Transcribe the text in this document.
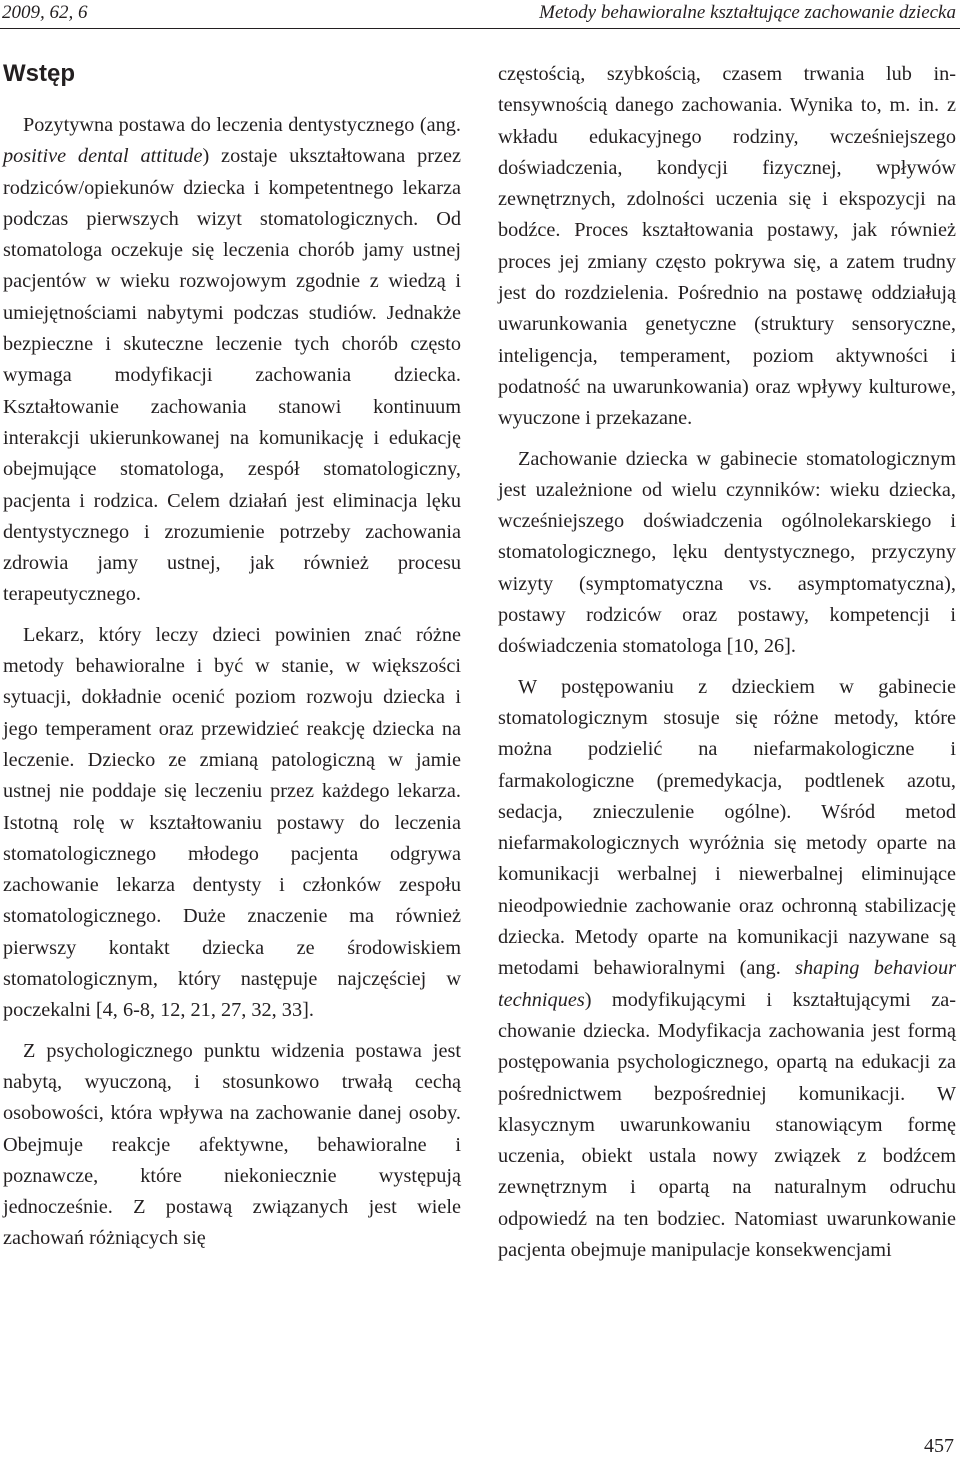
2009, 62, 6	Metody behawioralne kształtujące zachowanie dziecka
Wstęp

Pozytywna postawa do leczenia dentystycznego (ang. positive dental attitude) zostaje ukształtowana przez rodziców/opiekunów dziecka i kompetentnego lekarza podczas pierwszych wizyt stomatologicznych. Od stomatologa oczekuje się leczenia chorób jamy ustnej pacjentów w wieku rozwojowym zgodnie z wiedzą i umiejętnościami nabytymi podczas studiów. Jednakże bezpieczne i skuteczne leczenie tych chorób często wymaga modyfikacji zachowania dziecka. Kształtowanie zachowania stanowi kontinuum interakcji ukierunkowanej na komunikację i edukację obejmujące stomatologa, zespół stomatologiczny, pacjenta i rodzica. Celem działań jest eliminacja lęku dentystycznego i zrozumienie potrzeby zachowania zdrowia jamy ustnej, jak również procesu terapeutycznego.

Lekarz, który leczy dzieci powinien znać różne metody behawioralne i być w stanie, w większości sytuacji, dokładnie ocenić poziom rozwoju dziecka i jego temperament oraz przewidzieć reakcję dziecka na leczenie. Dziecko ze zmianą patologiczną w jamie ustnej nie poddaje się leczeniu przez każdego lekarza. Istotną rolę w kształtowaniu postawy do leczenia stomatologicznego młodego pacjenta odgrywa zachowanie lekarza dentysty i członków zespołu stomatologicznego. Duże znaczenie ma również pierwszy kontakt dziecka ze środowiskiem stomatologicznym, który następuje najczęściej w poczekalni [4, 6-8, 12, 21, 27, 32, 33].

Z psychologicznego punktu widzenia postawa jest nabytą, wyuczoną, i stosunkowo trwałą cechą osobowości, która wpływa na zachowanie danej osoby. Obejmuje reakcje afektywne, behawioralne i poznawcze, które niekoniecznie występują jednocześnie. Z postawą związanych jest wiele zachowań różniących się

częstością, szybkością, czasem trwania lub intensywnością danego zachowania. Wynika to, m. in. z wkładu edukacyjnego rodziny, wcześniejszego doświadczenia, kondycji fizycznej, wpływów zewnętrznych, zdolności uczenia się i ekspozycji na bodźce. Proces kształtowania postawy, jak również proces jej zmiany często pokrywa się, a zatem trudny jest do rozdzielenia. Pośrednio na postawę oddziałują uwarunkowania genetyczne (struktury sensoryczne, inteligencja, temperament, poziom aktywności i podatność na uwarunkowania) oraz wpływy kulturowe, wyuczone i przekazane.

Zachowanie dziecka w gabinecie stomatologicznym jest uzależnione od wielu czynników: wieku dziecka, wcześniejszego doświadczenia ogólnolekarskiego i stomatologicznego, lęku dentystycznego, przyczyny wizyty (symptomatyczna vs. asymptomatyczna), postawy rodziców oraz postawy, kompetencji i doświadczenia stomatologa [10, 26].

W postępowaniu z dzieckiem w gabinecie stomatologicznym stosuje się różne metody, które można podzielić na niefarmakologiczne i farmakologiczne (premedykacja, podtlenek azotu, sedacja, znieczulenie ogólne). Wśród metod niefarmakologicznych wyróżnia się metody oparte na komunikacji werbalnej i niewerbalnej eliminujące nieodpowiednie zachowanie oraz ochronną stabilizację dziecka. Metody oparte na komunikacji nazywane są metodami behawioralnymi (ang. shaping behaviour techniques) modyfikującymi i kształtującymi zachowanie dziecka. Modyfikacja zachowania jest formą postępowania psychologicznego, opartą na edukacji za pośrednictwem bezpośredniej komunikacji. W klasycznym uwarunkowaniu stanowiącym formę uczenia, obiekt ustala nowy związek z bodźcem zewnętrznym i opartą na naturalnym odruchu odpowiedź na ten bodziec. Natomiast uwarunkowanie pacjenta obejmuje manipulacje konsekwencjami

457
